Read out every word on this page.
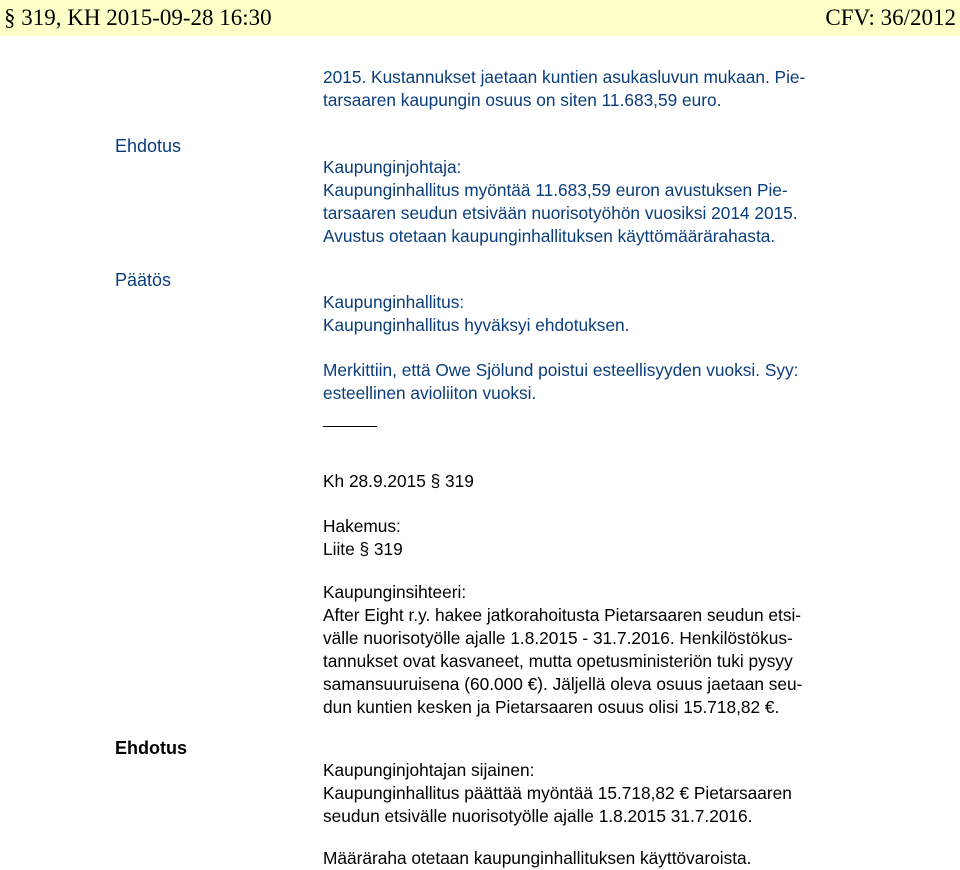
§ 319, KH 2015-09-28 16:30	CFV: 36/2012
Ehdotus
Päätös
Ehdotus

2015. Kustannukset jaetaan kuntien asukasluvun mukaan. Pie-

tarsaaren kaupungin osuus on siten 11.683,59 euro.

Kaupunginjohtaja:

Kaupunginhallitus myöntää 11.683,59 euron avustuksen Pie-

tarsaaren seudun etsivään nuorisotyöhön vuosiksi 2014 2015.

Avustus otetaan kaupunginhallituksen käyttömäärärahasta.

Kaupunginhallitus:

Kaupunginhallitus hyväksyi ehdotuksen.

Merkittiin, että Owe Sjölund poistui esteellisyyden vuoksi. Syy:

esteellinen avioliiton vuoksi.

Kh 28.9.2015 § 319

Hakemus:

Liite § 319

Kaupunginsihteeri:

After Eight r.y. hakee jatkorahoitusta Pietarsaaren seudun etsi-

välle nuorisotyölle ajalle 1.8.2015 - 31.7.2016. Henkilöstökus-

tannukset ovat kasvaneet, mutta opetusministeriön tuki pysyy

samansuuruisena (60.000 €). Jäljellä oleva osuus jaetaan seu-

dun kuntien kesken ja Pietarsaaren osuus olisi 15.718,82 €.

Kaupunginjohtajan sijainen:

Kaupunginhallitus päättää myöntää 15.718,82 € Pietarsaaren

seudun etsivälle nuorisotyölle ajalle 1.8.2015 31.7.2016.

Määräraha otetaan kaupunginhallituksen käyttövaroista.
